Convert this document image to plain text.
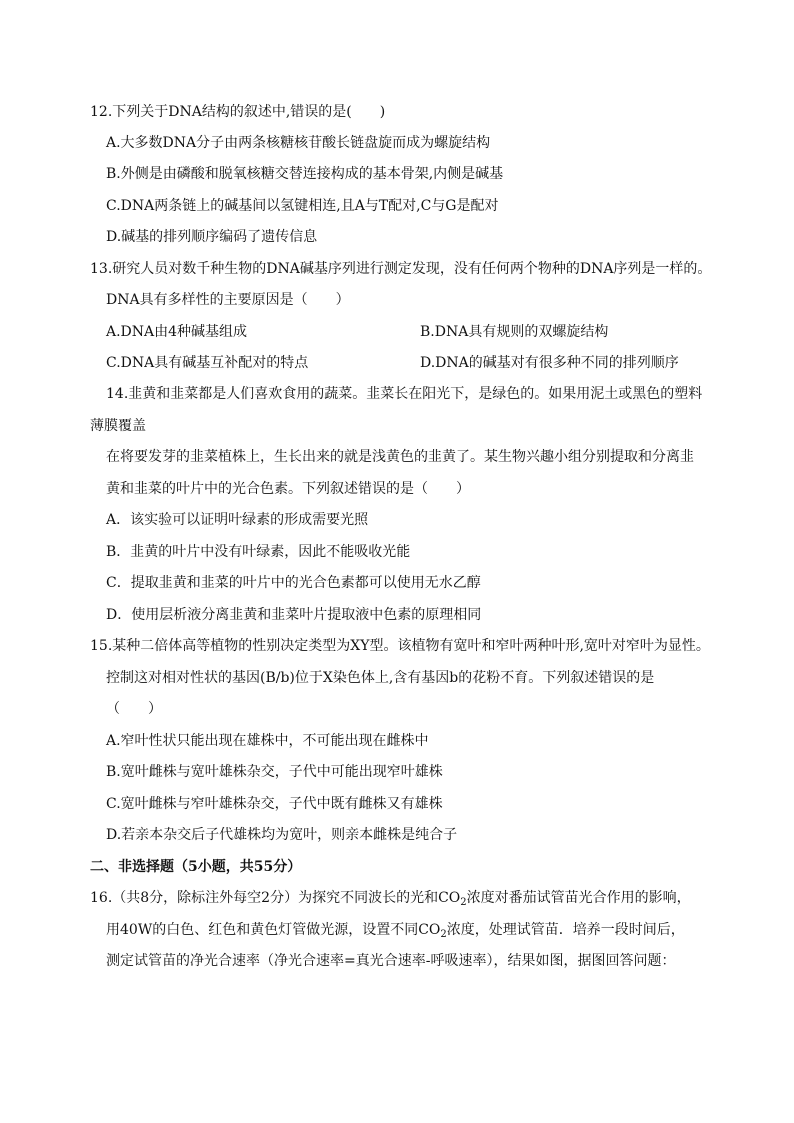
12.下列关于DNA结构的叙述中,错误的是(　　)
A.大多数DNA分子由两条核糖核苷酸长链盘旋而成为螺旋结构
B.外侧是由磷酸和脱氧核糖交替连接构成的基本骨架,内侧是碱基
C.DNA两条链上的碱基间以氢键相连,且A与T配对,C与G是配对
D.碱基的排列顺序编码了遗传信息
13.研究人员对数千种生物的DNA碱基序列进行测定发现，没有任何两个物种的DNA序列是一样的。
DNA具有多样性的主要原因是（　　）
A.DNA由4种碱基组成	B.DNA具有规则的双螺旋结构
C.DNA具有碱基互补配对的特点	D.DNA的碱基对有很多种不同的排列顺序
14.韭黄和韭菜都是人们喜欢食用的蔬菜。韭菜长在阳光下，是绿色的。如果用泥土或黑色的塑料
薄膜覆盖
在将要发芽的韭菜植株上，生长出来的就是浅黄色的韭黄了。某生物兴趣小组分别提取和分离韭
黄和韭菜的叶片中的光合色素。下列叙述错误的是（　　）
A．该实验可以证明叶绿素的形成需要光照
B．韭黄的叶片中没有叶绿素，因此不能吸收光能
C．提取韭黄和韭菜的叶片中的光合色素都可以使用无水乙醇
D．使用层析液分离韭黄和韭菜叶片提取液中色素的原理相同
15.某种二倍体高等植物的性别决定类型为XY型。该植物有宽叶和窄叶两种叶形,宽叶对窄叶为显性。
控制这对相对性状的基因(B/b)位于X染色体上,含有基因b的花粉不育。下列叙述错误的是
（　　）
A.窄叶性状只能出现在雄株中，不可能出现在雌株中
B.宽叶雌株与宽叶雄株杂交，子代中可能出现窄叶雄株
C.宽叶雌株与窄叶雄株杂交，子代中既有雌株又有雄株
D.若亲本杂交后子代雄株均为宽叶，则亲本雌株是纯合子
二、非选择题（5小题，共55分）
16.（共8分，除标注外每空2分）为探究不同波长的光和$CO_2$浓度对番茄试管苗光合作用的影响，
用40W的白色、红色和黄色灯管做光源，设置不同$CO_2$浓度，处理试管苗．培养一段时间后，
测定试管苗的净光合速率（净光合速率=真光合速率-呼吸速率），结果如图，据图回答问题：
